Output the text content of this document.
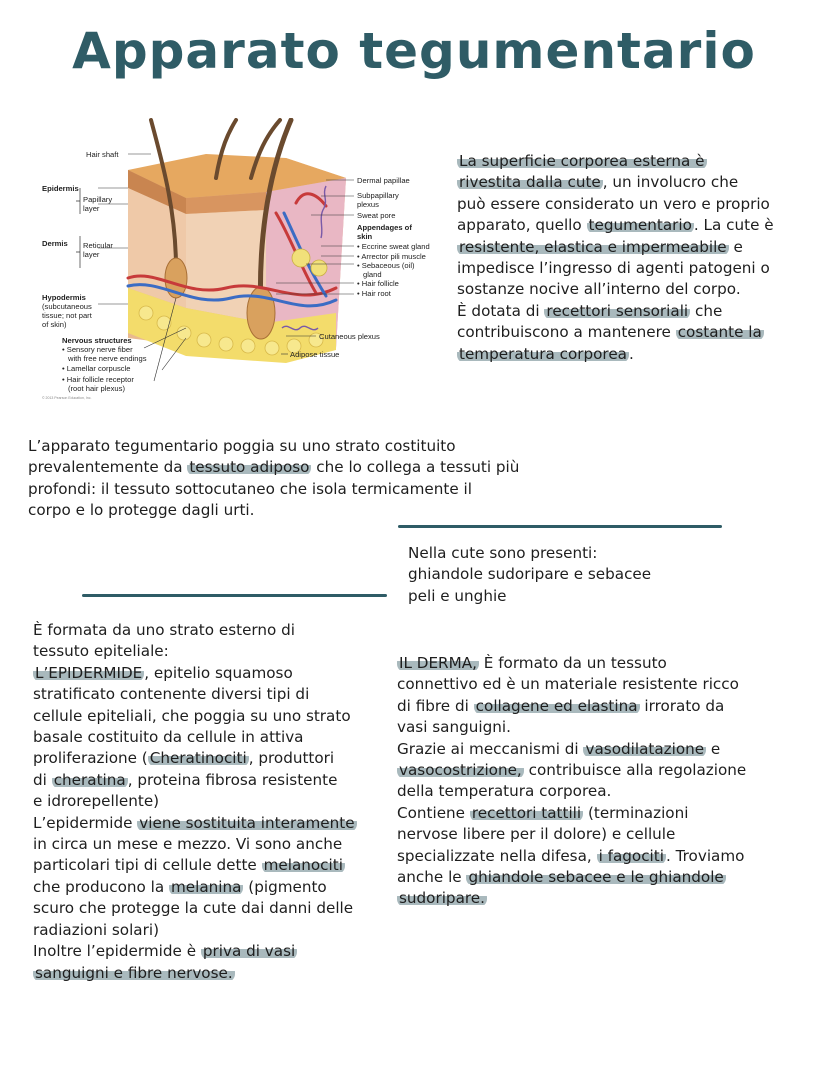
Apparato tegumentario
Hair shaft
Epidermis
Papillary
layer
Dermis Reticular
layer
Hypodermis
(subcutaneous
tissue; not part
of skin)
Nervous structures
• Sensory nerve fiber
with free nerve endings
• Lamellar corpuscle
• Hair follicle receptor
(root hair plexus)
© 2013 Pearson Education, Inc.
Dermal papillae
Subpapillary
plexus
Sweat pore
Appendages of
skin
• Eccrine sweat gland
• Arrector pili muscle
• Sebaceous (oil)
gland
• Hair follicle
• Hair root
Cutaneous plexus
Adipose tissue
La superficie corporea esterna è
rivestita dalla cute , un involucro che
può essere considerato un vero e proprio
apparato, quello tegumentario . La cute è
resistente, elastica e impermeabile e
impedisce l’ingresso di agenti patogeni o
sostanze nocive all’interno del corpo.
È dotata di recettori sensoriali che
contribuiscono a mantenere costante la
temperatura corporea .
L’apparato tegumentario poggia su uno strato costituito
prevalentemente da tessuto adiposo che lo collega a tessuti più
profondi: il tessuto sottocutaneo che isola termicamente il
corpo e lo protegge dagli urti.
Nella cute sono presenti:
ghiandole sudoripare e sebacee
peli e unghie
È formata da uno strato esterno di
tessuto epiteliale:
L’EPIDERMIDE , epitelio squamoso
stratificato contenente diversi tipi di
cellule epiteliali, che poggia su uno strato
basale costituito da cellule in attiva
proliferazione ( Cheratinociti , produttori
di cheratina , proteina fibrosa resistente
e idrorepellente)
L’epidermide viene sostituita interamente
in circa un mese e mezzo. Vi sono anche
particolari tipi di cellule dette melanociti
che producono la melanina (pigmento
scuro che protegge la cute dai danni delle
radiazioni solari)
Inoltre l’epidermide è priva di vasi
sanguigni e fibre nervose.
IL DERMA, È formato da un tessuto
connettivo ed è un materiale resistente ricco
di fibre di collagene ed elastina irrorato da
vasi sanguigni.
Grazie ai meccanismi di vasodilatazione e
vasocostrizione, contribuisce alla regolazione
della temperatura corporea.
Contiene recettori tattili (terminazioni
nervose libere per il dolore) e cellule
specializzate nella difesa, i fagociti . Troviamo
anche le ghiandole sebacee e le ghiandole
sudoripare.
